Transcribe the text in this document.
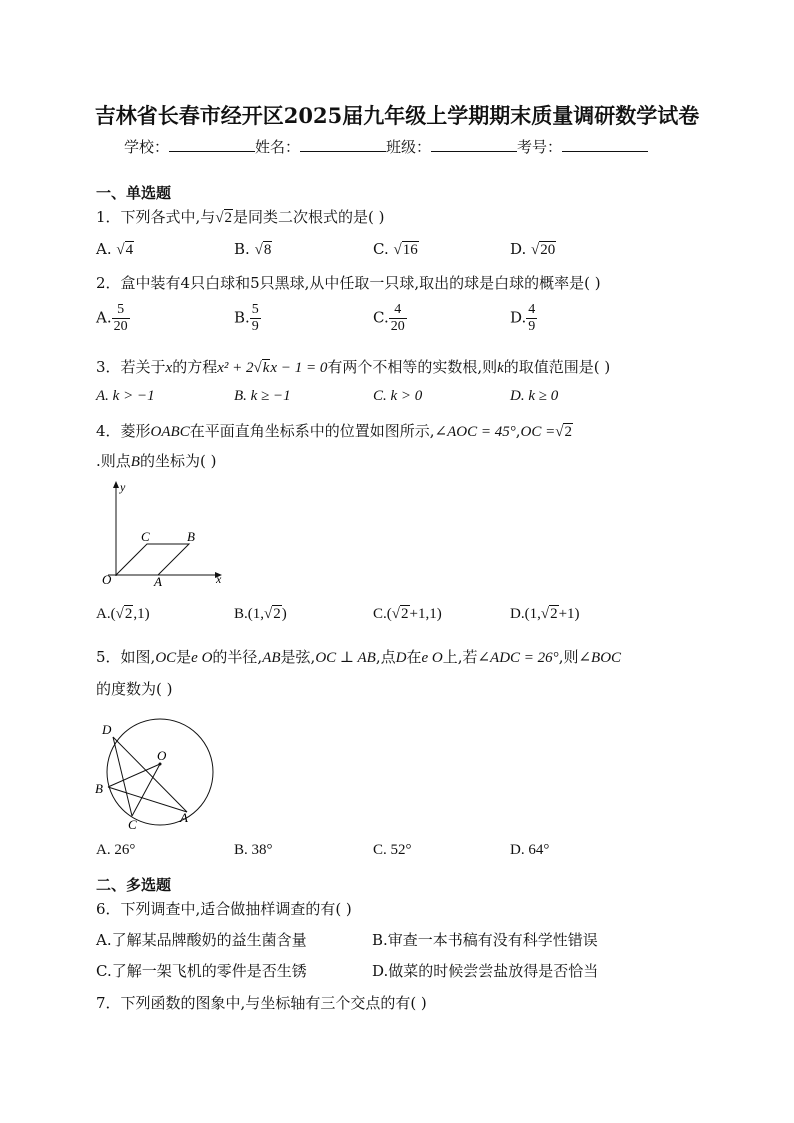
吉林省长春市经开区2025届九年级上学期期末质量调研数学试卷
学校：	姓名：	班级：	考号：
一、单选题
1．下列各式中,与√2是同类二次根式的是( )
A. √4	B. √8	C. √16	D. √20
2．盒中装有4只白球和5只黑球,从中任取一只球,取出的球是白球的概率是( )
A. $\frac{5}{20}$	B. $\frac{5}{9}$	C. $\frac{4}{20}$	D. $\frac{4}{9}$
3．若关于x的方程x² + 2√kx − 1 = 0有两个不相等的实数根,则k的取值范围是( )
A. k > −1	B. k ≥ −1	C. k > 0	D. k ≥ 0
4．菱形OABC在平面直角坐标系中的位置如图所示,∠AOC = 45°,OC =√2
.则点B的坐标为( )
y
x
O	A
B
C
A.(√2,1)	B.(1,√2)	C.(√2+1,1)	D.(1,√2+1)
5．如图,OC是e O的半径,AB是弦,OC ⊥ AB,点D在e O上,若∠ADC = 26°,则∠BOC
的度数为( )
D
O
B
C	A
A. 26°	B. 38°	C. 52°	D. 64°
二、多选题
6．下列调查中,适合做抽样调查的有( )
A.了解某品牌酸奶的益生菌含量	B.审查一本书稿有没有科学性错误
C.了解一架飞机的零件是否生锈	D.做菜的时候尝尝盐放得是否恰当
7．下列函数的图象中,与坐标轴有三个交点的有( )
